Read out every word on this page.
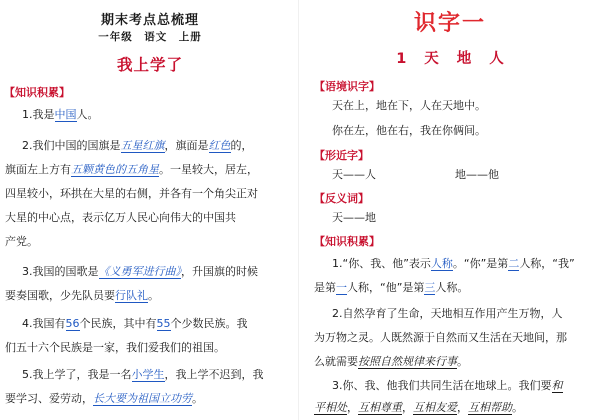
期末考点总梳理
一年级　语文　上册
我上学了
【知识积累】
1.我是中国人。
2.我们中国的国旗是五星红旗，旗面是红色的，
旗面左上方有五颗黄色的五角星。一星较大，居左，
四星较小，环拱在大星的右侧，并各有一个角尖正对
大星的中心点，表示亿万人民心向伟大的中国共
产党。
3.我国的国歌是《义勇军进行曲》，升国旗的时候
要奏国歌，少先队员要行队礼。
4.我国有56个民族，其中有55个少数民族。我
们五十六个民族是一家，我们爱我们的祖国。
5.我上学了，我是一名小学生，我上学不迟到，我
要学习、爱劳动，长大要为祖国立功劳。
识字一
1 天 地 人
【语境识字】
天在上，地在下，人在天地中。
你在左，他在右，我在你俩间。
【形近字】
天——人	地——他
【反义词】
天——地
【知识积累】
1.“你、我、他”表示人称。“你”是第二人称，“我”
是第一人称，“他”是第三人称。
2.自然孕育了生命，天地相互作用产生万物，人
为万物之灵。人既然源于自然而又生活在天地间，那
么就需要按照自然规律来行事。
3.你、我、他我们共同生活在地球上。我们要和
平相处，互相尊重，互相友爱，互相帮助。
